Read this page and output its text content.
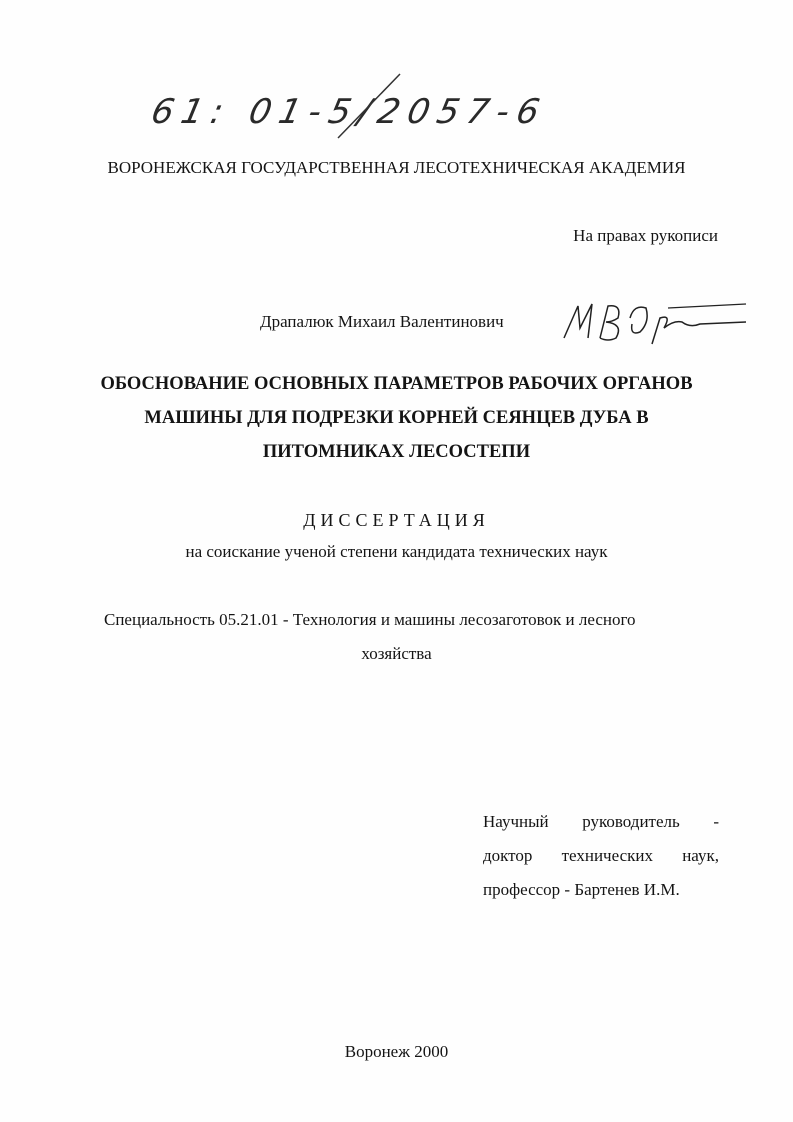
61: 01-5/2057-6
ВОРОНЕЖСКАЯ ГОСУДАРСТВЕННАЯ ЛЕСОТЕХНИЧЕСКАЯ АКАДЕМИЯ
На правах рукописи
Драпалюк Михаил Валентинович
ОБОСНОВАНИЕ ОСНОВНЫХ ПАРАМЕТРОВ РАБОЧИХ ОРГАНОВ
МАШИНЫ ДЛЯ ПОДРЕЗКИ КОРНЕЙ СЕЯНЦЕВ ДУБА В
ПИТОМНИКАХ ЛЕСОСТЕПИ
ДИССЕРТАЦИЯ
на соискание ученой степени кандидата технических наук
Специальность 05.21.01 - Технология и машины лесозаготовок и лесного
хозяйства
Научный руководитель -
доктор технических наук,
профессор - Бартенев И.М.
Воронеж 2000
